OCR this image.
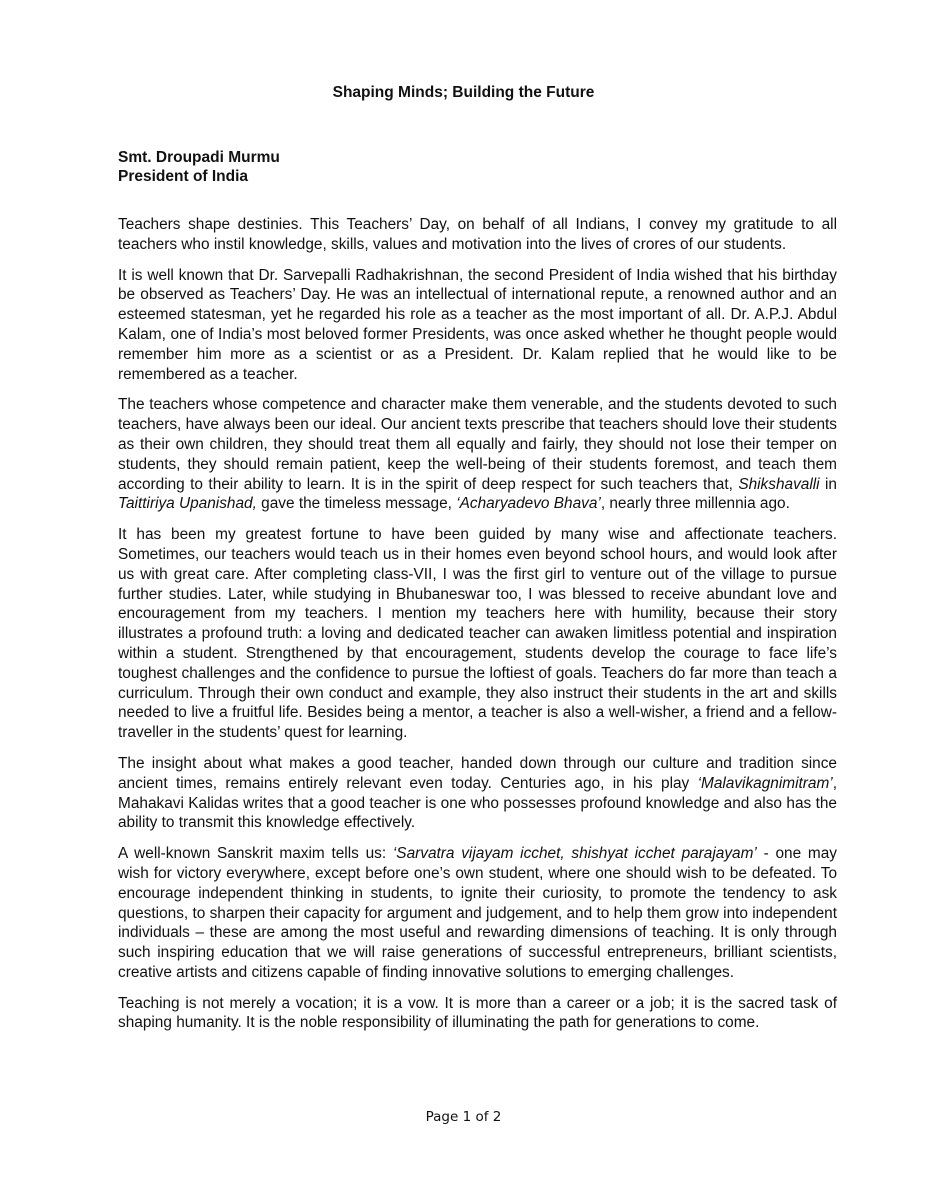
Shaping Minds; Building the Future
Smt. Droupadi Murmu
President of India

Teachers shape destinies. This Teachers’ Day, on behalf of all Indians, I convey my gratitude to all teachers who instil knowledge, skills, values and motivation into the lives of crores of our students.

It is well known that Dr. Sarvepalli Radhakrishnan, the second President of India wished that his birthday be observed as Teachers’ Day. He was an intellectual of international repute, a renowned author and an esteemed statesman, yet he regarded his role as a teacher as the most important of all. Dr. A.P.J. Abdul Kalam, one of India’s most beloved former Presidents, was once asked whether he thought people would remember him more as a scientist or as a President. Dr. Kalam replied that he would like to be remembered as a teacher.

The teachers whose competence and character make them venerable, and the students devoted to such teachers, have always been our ideal. Our ancient texts prescribe that teachers should love their students as their own children, they should treat them all equally and fairly, they should not lose their temper on students, they should remain patient, keep the well-being of their students foremost, and teach them according to their ability to learn. It is in the spirit of deep respect for such teachers that, Shikshavalli in Taittiriya Upanishad, gave the timeless message, ‘Acharyadevo Bhava’, nearly three millennia ago.

It has been my greatest fortune to have been guided by many wise and affectionate teachers. Sometimes, our teachers would teach us in their homes even beyond school hours, and would look after us with great care. After completing class-VII, I was the first girl to venture out of the village to pursue further studies. Later, while studying in Bhubaneswar too, I was blessed to receive abundant love and encouragement from my teachers. I mention my teachers here with humility, because their story illustrates a profound truth: a loving and dedicated teacher can awaken limitless potential and inspiration within a student. Strengthened by that encouragement, students develop the courage to face life’s toughest challenges and the confidence to pursue the loftiest of goals. Teachers do far more than teach a curriculum. Through their own conduct and example, they also instruct their students in the art and skills needed to live a fruitful life. Besides being a mentor, a teacher is also a well-wisher, a friend and a fellow-traveller in the students’ quest for learning.

The insight about what makes a good teacher, handed down through our culture and tradition since ancient times, remains entirely relevant even today. Centuries ago, in his play ‘Malavikagnimitram’, Mahakavi Kalidas writes that a good teacher is one who possesses profound knowledge and also has the ability to transmit this knowledge effectively.

A well-known Sanskrit maxim tells us: ‘Sarvatra vijayam icchet, shishyat icchet parajayam’ - one may wish for victory everywhere, except before one’s own student, where one should wish to be defeated. To encourage independent thinking in students, to ignite their curiosity, to promote the tendency to ask questions, to sharpen their capacity for argument and judgement, and to help them grow into independent individuals – these are among the most useful and rewarding dimensions of teaching. It is only through such inspiring education that we will raise generations of successful entrepreneurs, brilliant scientists, creative artists and citizens capable of finding innovative solutions to emerging challenges.

Teaching is not merely a vocation; it is a vow. It is more than a career or a job; it is the sacred task of shaping humanity. It is the noble responsibility of illuminating the path for generations to come.

Page 1 of 2
